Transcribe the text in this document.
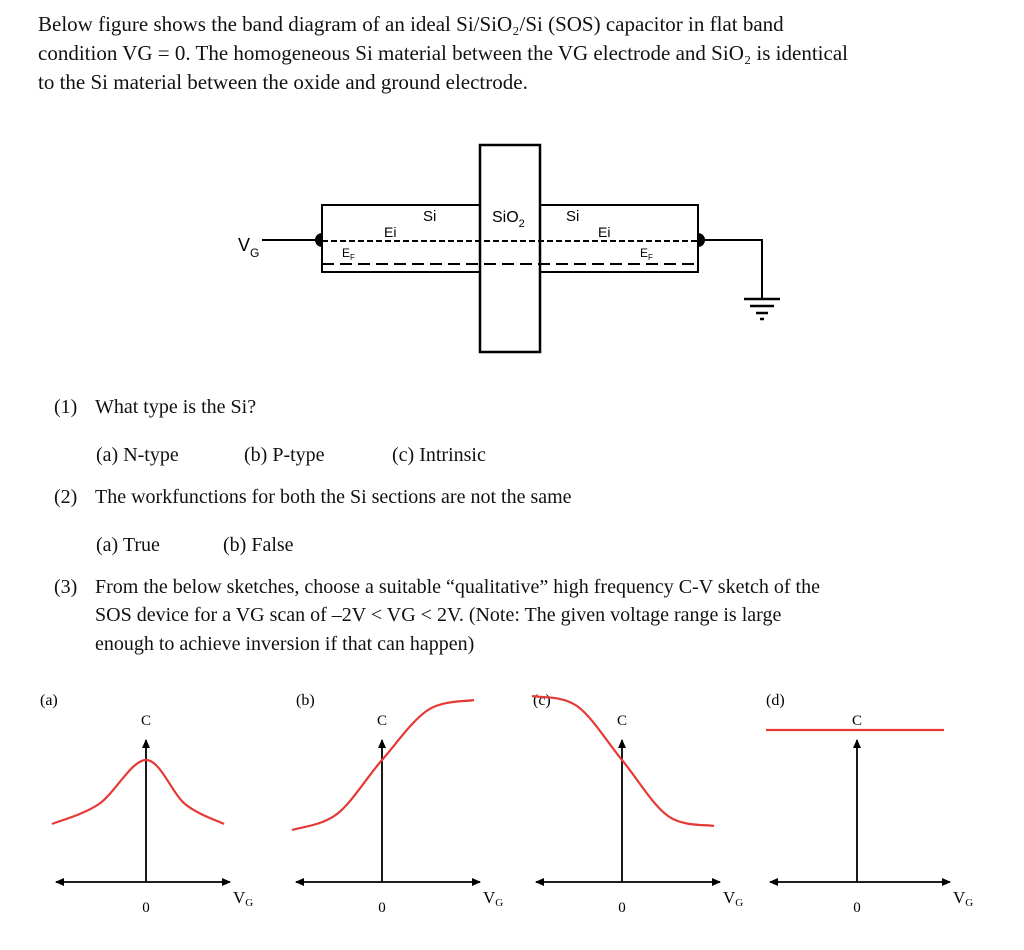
Below figure shows the band diagram of an ideal Si/SiO₂/Si (SOS) capacitor in flat band
condition VG = 0. The homogeneous Si material between the VG electrode and SiO₂ is identical
to the Si material between the oxide and ground electrode.
$V_G$
Si	Si
SiO$_2$
Ei	Ei
$E_F$	$E_F$
(1) What type is the Si?
(a) N-type	(b) P-type	(c) Intrinsic
(2) The workfunctions for both the Si sections are not the same
(a) True	(b) False
(3) From the below sketches, choose a suitable “qualitative” high frequency C-V sketch of the
SOS device for a VG scan of –2V < VG < 2V. (Note: The given voltage range is large
enough to achieve inversion if that can happen)
(a)
C
0
VG
(b)
C
0
VG
(c)
C
0
VG
(d)
C
0
VG
